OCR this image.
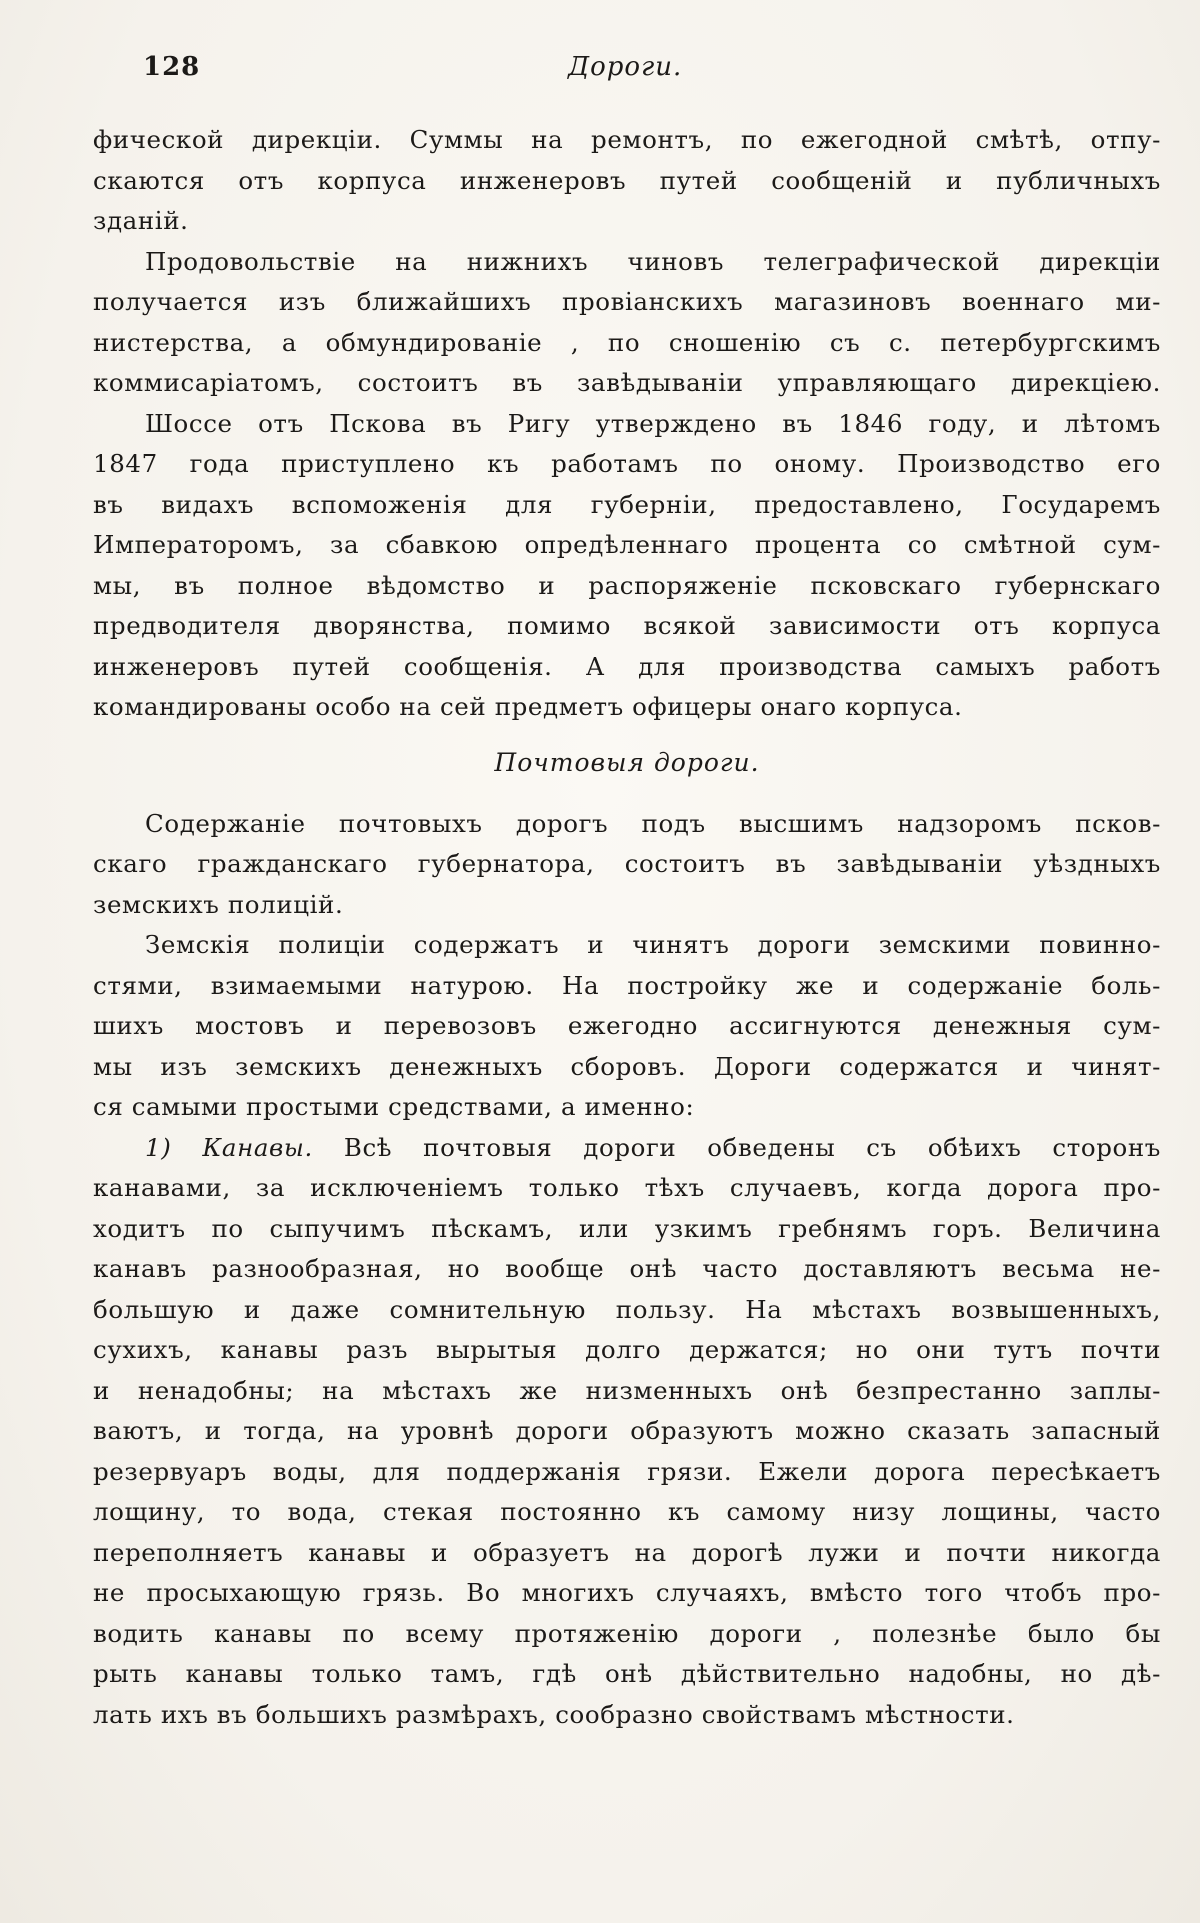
128	Дороги.
фической дирекціи. Суммы на ремонтъ, по ежегодной смѣтѣ, отпу-
скаются отъ корпуса инженеровъ путей сообщеній и публичныхъ
зданій.
Продовольствіе на нижнихъ чиновъ телеграфической дирекціи
получается изъ ближайшихъ провіанскихъ магазиновъ военнаго ми-
нистерства, а обмундированіе , по сношенію съ с. петербургскимъ
коммисаріатомъ, состоитъ въ завѣдываніи управляющаго дирекціею.
Шоссе отъ Пскова въ Ригу утверждено въ 1846 году, и лѣтомъ
1847 года приступлено къ работамъ по оному. Производство его
въ видахъ вспоможенія для губерніи, предоставлено, Государемъ
Императоромъ, за сбавкою опредѣленнаго процента со смѣтной сум-
мы, въ полное вѣдомство и распоряженіе псковскаго губернскаго
предводителя дворянства, помимо всякой зависимости отъ корпуса
инженеровъ путей сообщенія. А для производства самыхъ работъ
командированы особо на сей предметъ офицеры онаго корпуса.
Почтовыя дороги.
Содержаніе почтовыхъ дорогъ подъ высшимъ надзоромъ псков-
скаго гражданскаго губернатора, состоитъ въ завѣдываніи уѣздныхъ
земскихъ полицій.
Земскія полиціи содержатъ и чинятъ дороги земскими повинно-
стями, взимаемыми натурою. На постройку же и содержаніе боль-
шихъ мостовъ и перевозовъ ежегодно ассигнуются денежныя сум-
мы изъ земскихъ денежныхъ сборовъ. Дороги содержатся и чинят-
ся самыми простыми средствами, а именно:
1) Канавы. Всѣ почтовыя дороги обведены съ обѣихъ сторонъ
канавами, за исключеніемъ только тѣхъ случаевъ, когда дорога про-
ходитъ по сыпучимъ пѣскамъ, или узкимъ гребнямъ горъ. Величина
канавъ разнообразная, но вообще онѣ часто доставляютъ весьма не-
большую и даже сомнительную пользу. На мѣстахъ возвышенныхъ,
сухихъ, канавы разъ вырытыя долго держатся; но они тутъ почти
и ненадобны; на мѣстахъ же низменныхъ онѣ безпрестанно заплы-
ваютъ, и тогда, на уровнѣ дороги образуютъ можно сказать запасный
резервуаръ воды, для поддержанія грязи. Ежели дорога пересѣкаетъ
лощину, то вода, стекая постоянно къ самому низу лощины, часто
переполняетъ канавы и образуетъ на дорогѣ лужи и почти никогда
не просыхающую грязь. Во многихъ случаяхъ, вмѣсто того чтобъ про-
водить канавы по всему протяженію дороги , полезнѣе было бы
рыть канавы только тамъ, гдѣ онѣ дѣйствительно надобны, но дѣ-
лать ихъ въ большихъ размѣрахъ, сообразно свойствамъ мѣстности.
